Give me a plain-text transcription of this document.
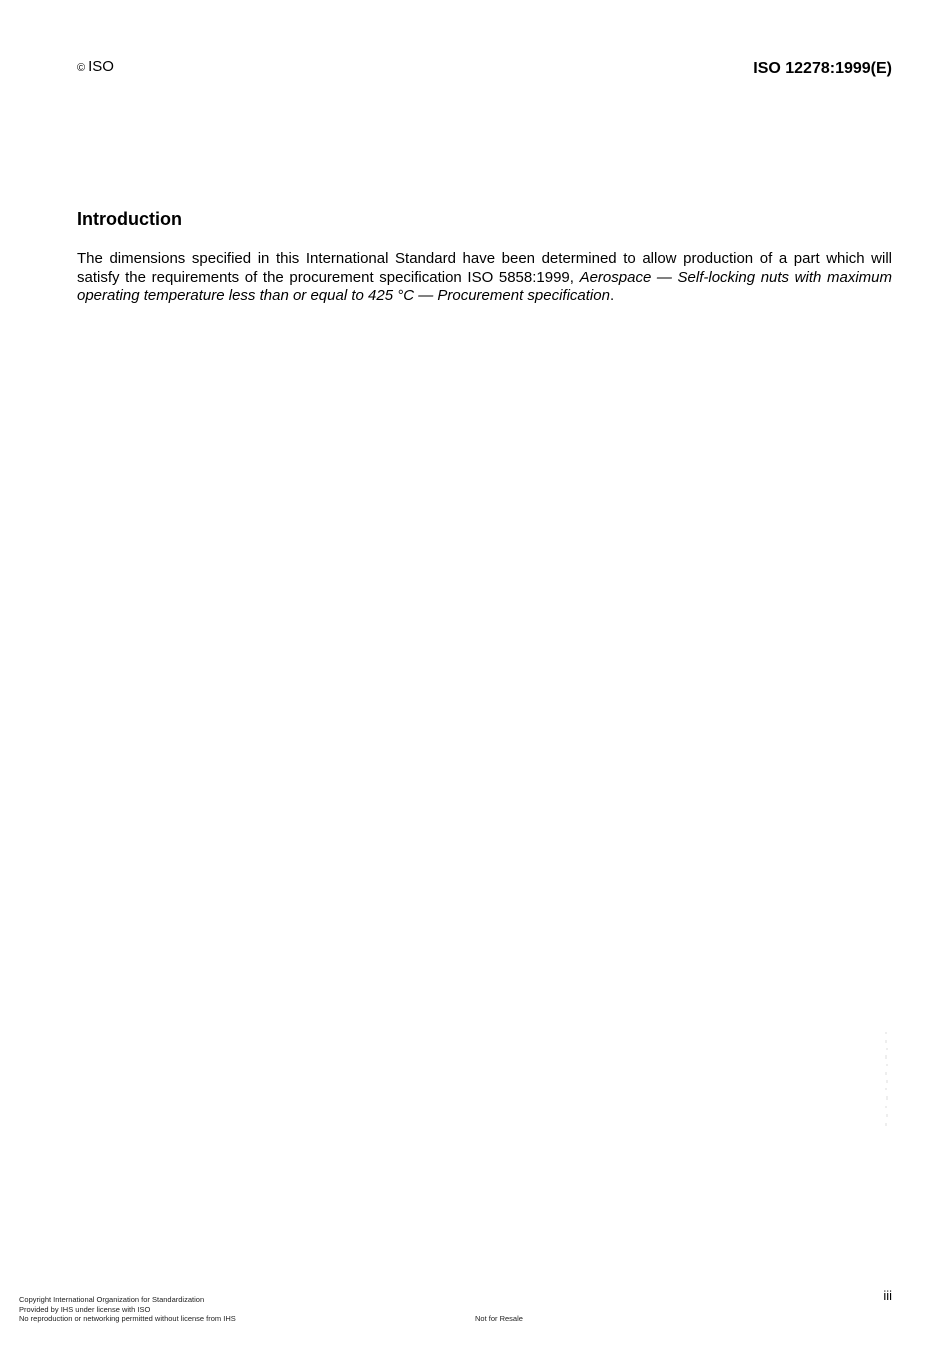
© ISO	ISO 12278:1999(E)
Introduction

The dimensions specified in this International Standard have been determined to allow production of a part which will satisfy the requirements of the procurement specification ISO 5858:1999, Aerospace — Self-locking nuts with maximum operating temperature less than or equal to 425 °C — Procurement specification.

iii
Copyright International Organization for Standardization
Provided by IHS under license with ISO
No reproduction or networking permitted without license from IHS	Not for Resale
